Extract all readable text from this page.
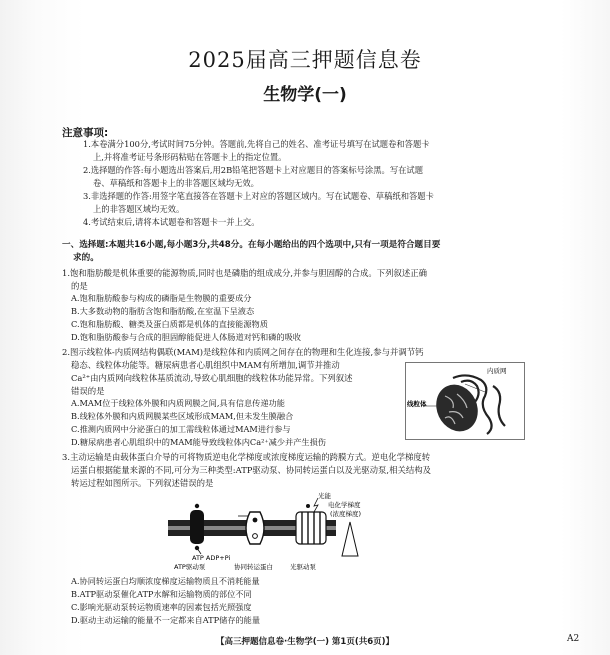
2025届高三押题信息卷
生物学(一)
注意事项:
1.本卷满分100分,考试时间75分钟。答题前,先将自己的姓名、准考证号填写在试题卷和答题卡
上,并将准考证号条形码粘贴在答题卡上的指定位置。
2.选择题的作答:每小题选出答案后,用2B铅笔把答题卡上对应题目的答案标号涂黑。写在试题
卷、草稿纸和答题卡上的非答题区域均无效。
3.非选择题的作答:用签字笔直接答在答题卡上对应的答题区域内。写在试题卷、草稿纸和答题卡
上的非答题区域均无效。
4.考试结束后,请将本试题卷和答题卡一并上交。
一、选择题:本题共16小题,每小题3分,共48分。在每小题给出的四个选项中,只有一项是符合题目要
求的。
1.饱和脂肪酸是机体重要的能源物质,同时也是磷脂的组成成分,并参与胆固醇的合成。下列叙述正确
的是
A.饱和脂肪酸参与构成的磷脂是生物膜的重要成分
B.大多数动物的脂肪含饱和脂肪酸,在室温下呈液态
C.饱和脂肪酸、糖类及蛋白质都是机体的直接能源物质
D.饱和脂肪酸参与合成的胆固醇能促进人体肠道对钙和磷的吸收
2.图示线粒体-内质网结构偶联(MAM)是线粒体和内质网之间存在的物理和生化连接,参与并调节钙
稳态、线粒体功能等。糖尿病患者心肌组织中MAM有所增加,调节并推动
Ca²⁺由内质网向线粒体基质流动,导致心肌细胞的线粒体功能异常。下列叙述
错误的是
A.MAM位于线粒体外膜和内质网膜之间,具有信息传递功能
B.线粒体外膜和内质网膜某些区域形成MAM,但未发生膜融合
C.推测内质网中分泌蛋白的加工需线粒体通过MAM进行参与
D.糖尿病患者心肌组织中的MAM能导致线粒体内Ca²⁺减少并产生损伤
内质网
线粒体
3.主动运输是由载体蛋白介导的可将物质逆电化学梯度或浓度梯度运输的跨膜方式。逆电化学梯度转
运蛋白根据能量来源的不同,可分为三种类型:ATP驱动泵、协同转运蛋白以及光驱动泵,相关结构及
转运过程如图所示。下列叙述错误的是
光能
电化学梯度
(浓度梯度)
ATP ADP+Pi
ATP驱动泵	协同转运蛋白	光驱动泵
A.协同转运蛋白均顺浓度梯度运输物质且不消耗能量
B.ATP驱动泵催化ATP水解和运输物质的部位不同
C.影响光驱动泵转运物质速率的因素包括光照强度
D.驱动主动运输的能量不一定都来自ATP储存的能量
【高三押题信息卷·生物学(一) 第1页(共6页)】	A2
